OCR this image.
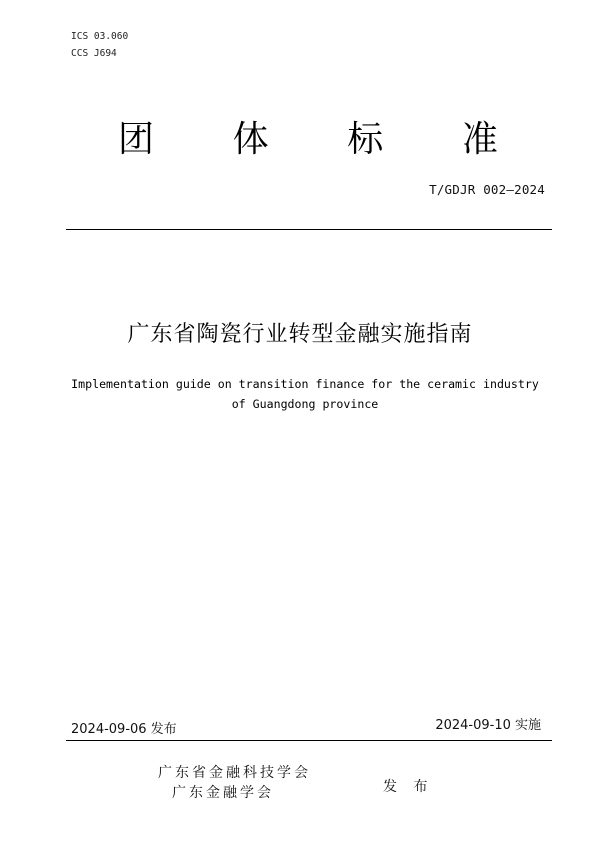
ICS 03.060
CCS J694
团 体 标 准
T/GDJR 002—2024
广东省陶瓷行业转型金融实施指南
Implementation guide on transition finance for the ceramic industry
of Guangdong province
2024-09-06 发布	2024-09-10 实施
广东省金融科技学会
广东金融学会	发 布
